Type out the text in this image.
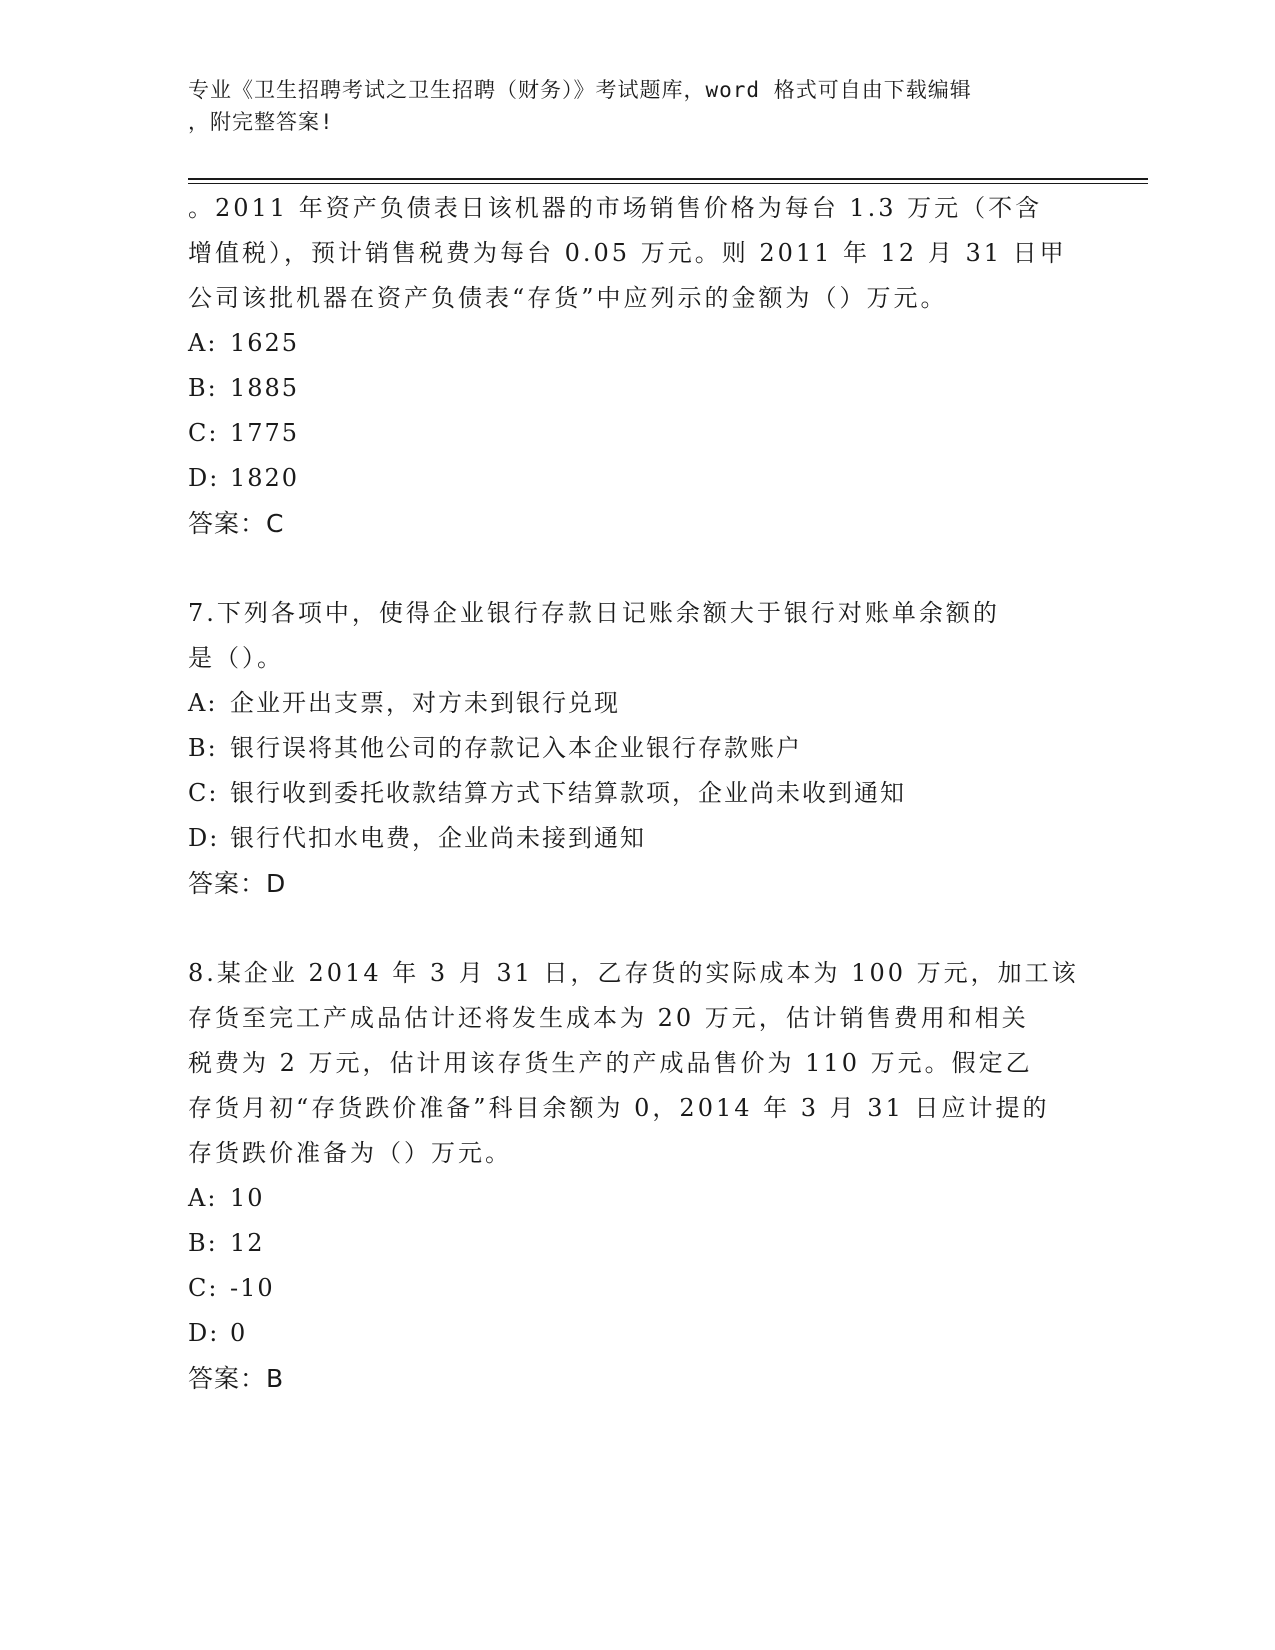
专业《卫生招聘考试之卫生招聘（财务）》考试题库，word 格式可自由下载编辑
，附完整答案!
。2011 年资产负债表日该机器的市场销售价格为每台 1.3 万元（不含
增值税），预计销售税费为每台 0.05 万元。则 2011 年 12 月 31 日甲
公司该批机器在资产负债表“存货”中应列示的金额为（）万元。
A: 1625
B: 1885
C: 1775
D: 1820
答案：C
7.下列各项中，使得企业银行存款日记账余额大于银行对账单余额的
是（）。
A: 企业开出支票，对方未到银行兑现
B: 银行误将其他公司的存款记入本企业银行存款账户
C: 银行收到委托收款结算方式下结算款项，企业尚未收到通知
D: 银行代扣水电费，企业尚未接到通知
答案：D
8.某企业 2014 年 3 月 31 日，乙存货的实际成本为 100 万元，加工该
存货至完工产成品估计还将发生成本为 20 万元，估计销售费用和相关
税费为 2 万元，估计用该存货生产的产成品售价为 110 万元。假定乙
存货月初“存货跌价准备”科目余额为 0，2014 年 3 月 31 日应计提的
存货跌价准备为（）万元。
A: 10
B: 12
C: -10
D: 0
答案：B
